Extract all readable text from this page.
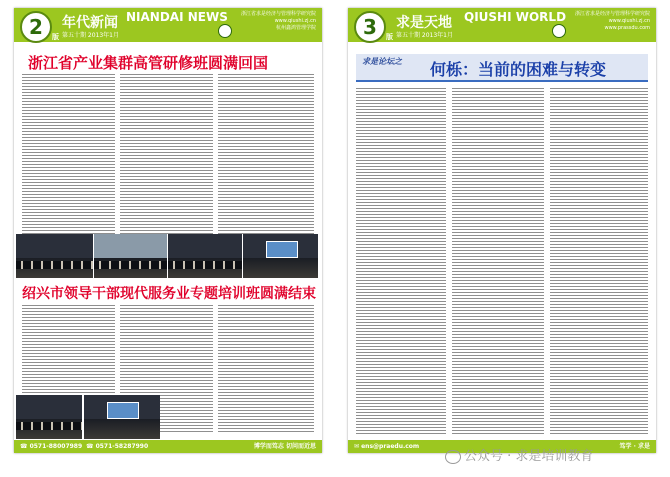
2 版
年代新闻 NIANDAI NEWS
第五十期 2013年1月
浙江省求是经济与管理科学研究院
www.qiushi.zj.cn
杭州鑫鸿管理学院
浙江省产业集群高管研修班圆满回国
绍兴市领导干部现代服务业专题培训班圆满结束
☎ 0571-88007989 ☎ 0571-58287990	博学而笃志 切问而近思
3 版
求是天地 QIUSHI WORLD
第五十期 2013年1月
浙江省求是经济与管理科学研究院
www.qiushi.zj.cn
www.prassdu.com
求是论坛之 何栎：当前的困难与转变
✉ ens@praedu.com	笃学 · 求是
公众号 · 求是培训教育
